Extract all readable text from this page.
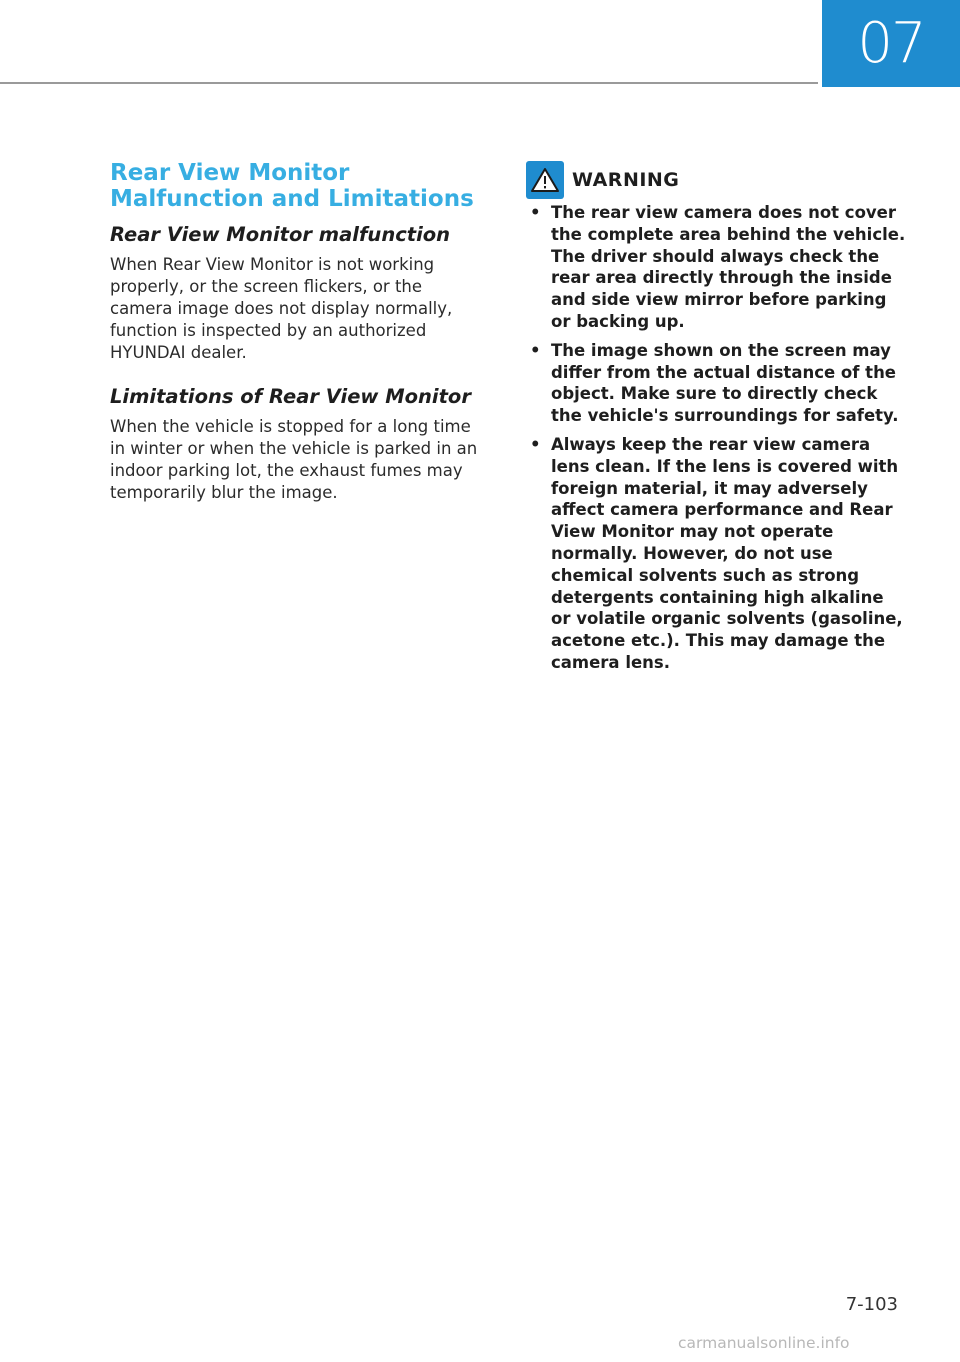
07
Rear View Monitor Malfunction and Limitations
Rear View Monitor malfunction

When Rear View Monitor is not working properly, or the screen flickers, or the camera image does not display normally, function is inspected by an authorized HYUNDAI dealer.

Limitations of Rear View Monitor

When the vehicle is stopped for a long time in winter or when the vehicle is parked in an indoor parking lot, the exhaust fumes may temporarily blur the image.

WARNING
• The rear view camera does not cover the complete area behind the vehicle. The driver should always check the rear area directly through the inside and side view mirror before parking or backing up.
• The image shown on the screen may differ from the actual distance of the object. Make sure to directly check the vehicle's surroundings for safety.
• Always keep the rear view camera lens clean. If the lens is covered with foreign material, it may adversely affect camera performance and Rear View Monitor may not operate normally. However, do not use chemical solvents such as strong detergents containing high alkaline or volatile organic solvents (gasoline, acetone etc.). This may damage the camera lens.
7-103
carmanualsonline.info
